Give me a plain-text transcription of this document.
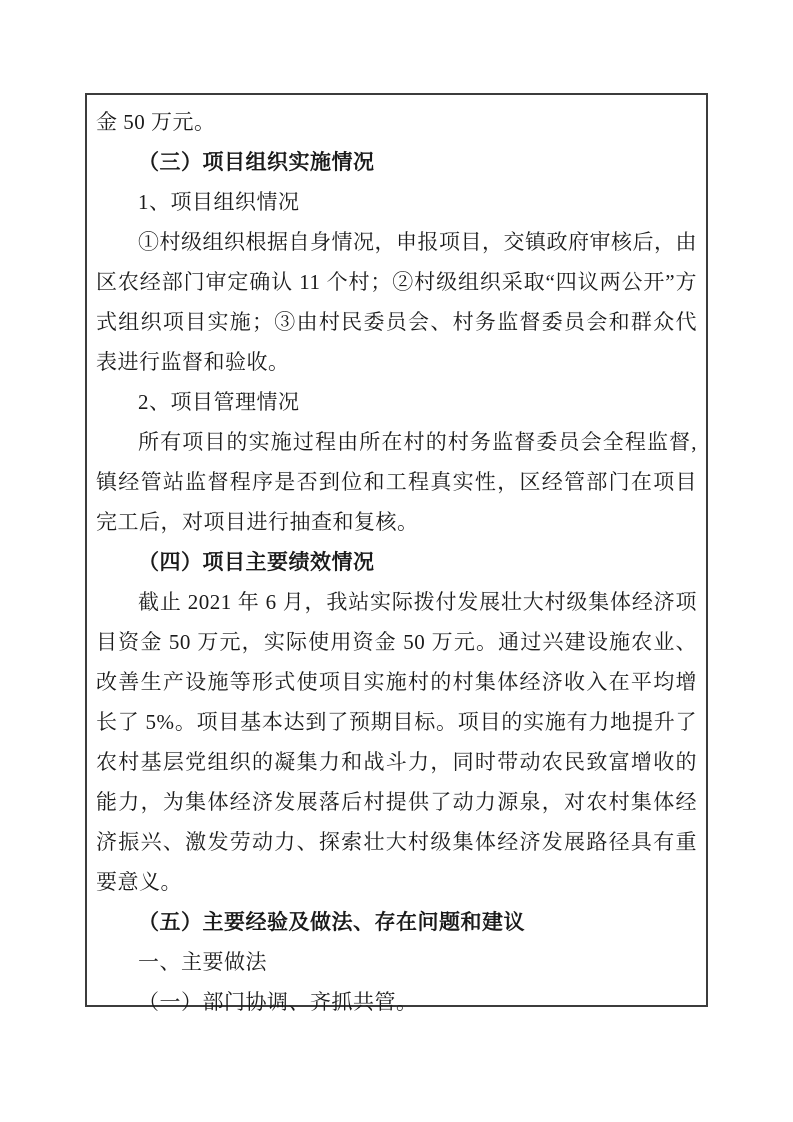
金 50 万元。
（三）项目组织实施情况
1、项目组织情况
①村级组织根据自身情况，申报项目，交镇政府审核后，由区农经部门审定确认 11 个村；②村级组织采取“四议两公开”方式组织项目实施；③由村民委员会、村务监督委员会和群众代表进行监督和验收。
2、项目管理情况
所有项目的实施过程由所在村的村务监督委员会全程监督,镇经管站监督程序是否到位和工程真实性，区经管部门在项目完工后，对项目进行抽查和复核。
（四）项目主要绩效情况
截止 2021 年 6 月，我站实际拨付发展壮大村级集体经济项目资金 50 万元，实际使用资金 50 万元。通过兴建设施农业、改善生产设施等形式使项目实施村的村集体经济收入在平均增长了 5%。项目基本达到了预期目标。项目的实施有力地提升了农村基层党组织的凝集力和战斗力，同时带动农民致富增收的能力，为集体经济发展落后村提供了动力源泉，对农村集体经济振兴、激发劳动力、探索壮大村级集体经济发展路径具有重要意义。
（五）主要经验及做法、存在问题和建议
一、主要做法
（一）部门协调、齐抓共管。
